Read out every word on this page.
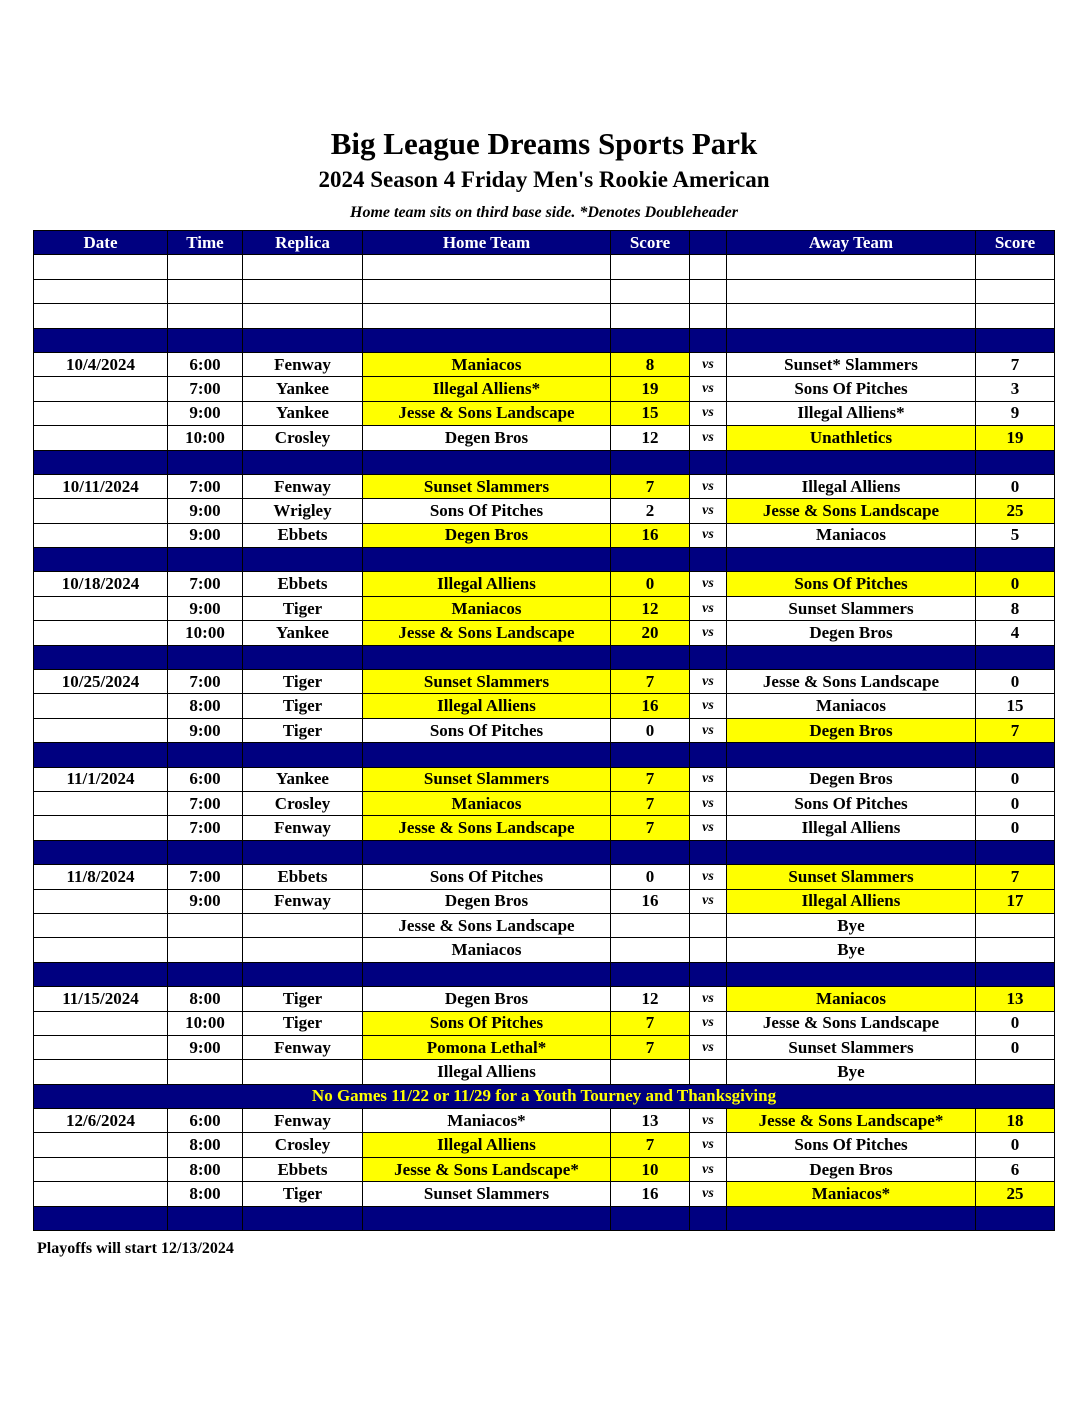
Big League Dreams Sports Park
2024 Season 4 Friday Men's Rookie American
Home team sits on third base side. *Denotes Doubleheader
Date	Time	Replica	Home Team	Score		Away Team	Score

10/4/2024	6:00	Fenway	Maniacos	8	vs	Sunset* Slammers	7
	7:00	Yankee	Illegal Alliens*	19	vs	Sons Of Pitches	3
	9:00	Yankee	Jesse & Sons Landscape	15	vs	Illegal Alliens*	9
	10:00	Crosley	Degen Bros	12	vs	Unathletics	19

10/11/2024	7:00	Fenway	Sunset Slammers	7	vs	Illegal Alliens	0
	9:00	Wrigley	Sons Of Pitches	2	vs	Jesse & Sons Landscape	25
	9:00	Ebbets	Degen Bros	16	vs	Maniacos	5

10/18/2024	7:00	Ebbets	Illegal Alliens	0	vs	Sons Of Pitches	0
	9:00	Tiger	Maniacos	12	vs	Sunset Slammers	8
	10:00	Yankee	Jesse & Sons Landscape	20	vs	Degen Bros	4

10/25/2024	7:00	Tiger	Sunset Slammers	7	vs	Jesse & Sons Landscape	0
	8:00	Tiger	Illegal Alliens	16	vs	Maniacos	15
	9:00	Tiger	Sons Of Pitches	0	vs	Degen Bros	7

11/1/2024	6:00	Yankee	Sunset Slammers	7	vs	Degen Bros	0
	7:00	Crosley	Maniacos	7	vs	Sons Of Pitches	0
	7:00	Fenway	Jesse & Sons Landscape	7	vs	Illegal Alliens	0

11/8/2024	7:00	Ebbets	Sons Of Pitches	0	vs	Sunset Slammers	7
	9:00	Fenway	Degen Bros	16	vs	Illegal Alliens	17
			Jesse & Sons Landscape			Bye	
			Maniacos			Bye	

11/15/2024	8:00	Tiger	Degen Bros	12	vs	Maniacos	13
	10:00	Tiger	Sons Of Pitches	7	vs	Jesse & Sons Landscape	0
	9:00	Fenway	Pomona Lethal*	7	vs	Sunset Slammers	0
			Illegal Alliens			Bye	
No Games 11/22 or 11/29 for a Youth Tourney and Thanksgiving							
12/6/2024	6:00	Fenway	Maniacos*	13	vs	Jesse & Sons Landscape*	18
	8:00	Crosley	Illegal Alliens	7	vs	Sons Of Pitches	0
	8:00	Ebbets	Jesse & Sons Landscape*	10	vs	Degen Bros	6
	8:00	Tiger	Sunset Slammers	16	vs	Maniacos*	25

Playoffs will start 12/13/2024
